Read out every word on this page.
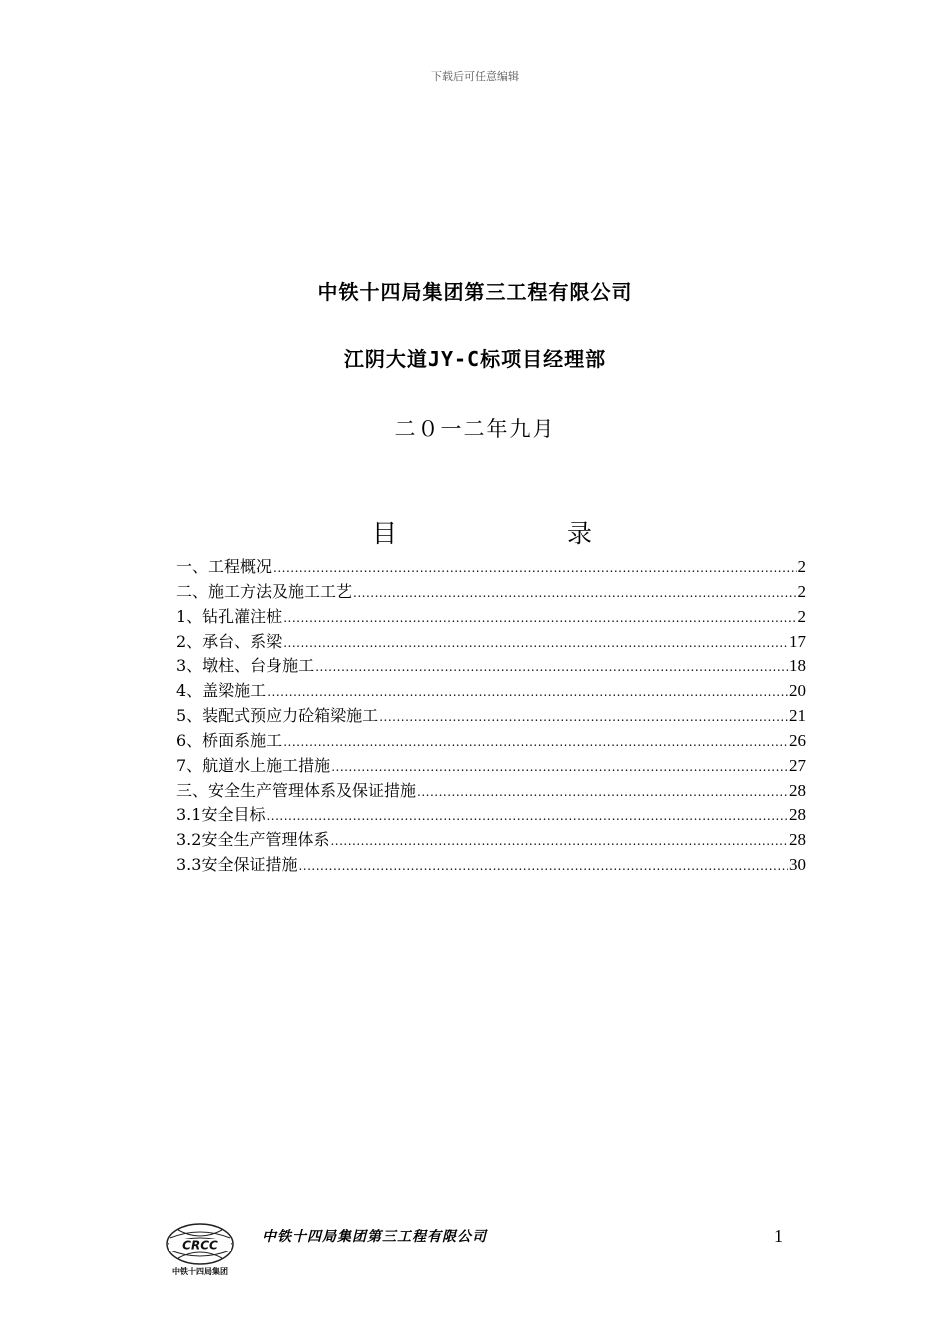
下载后可任意编辑
中铁十四局集团第三工程有限公司
江阴大道JY-C标项目经理部
二０一二年九月
目	录
一、工程概况 .....	2
二、施工方法及施工工艺 .....	2
1、钻孔灌注桩 .....	2
2、承台、系梁 .....	17
3、墩柱、台身施工 .....	18
4、盖梁施工 .....	20
5、装配式预应力砼箱梁施工 .....	21
6、桥面系施工 .....	26
7、航道水上施工措施 .....	27
三、安全生产管理体系及保证措施 .....	28
3.1安全目标 .....	28
3.2安全生产管理体系 .....	28
3.3安全保证措施 .....	30
CRCC
中铁十四局集团
中铁十四局集团第三工程有限公司	1
